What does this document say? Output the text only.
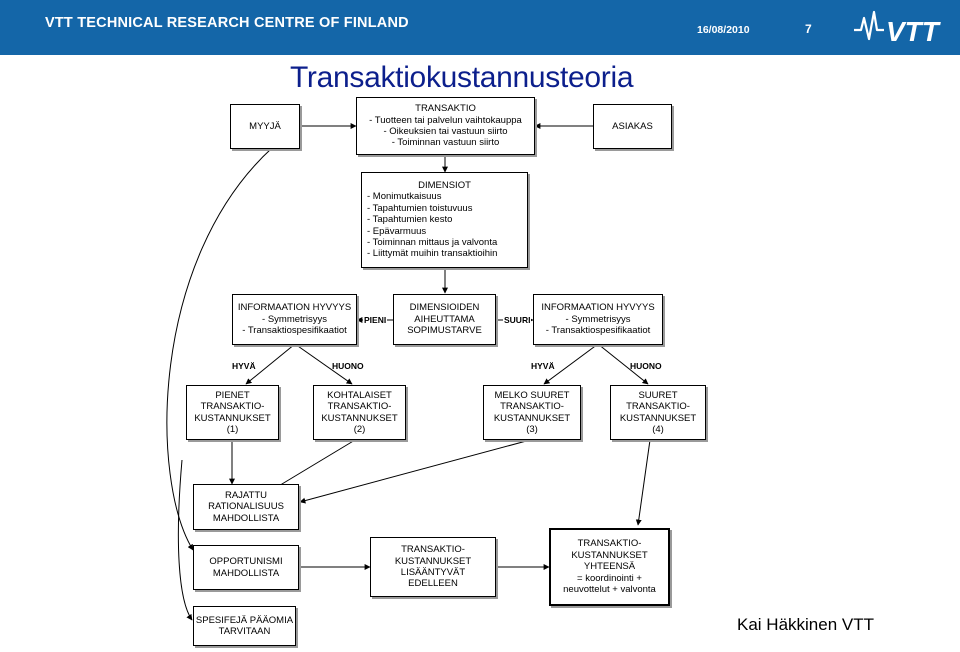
VTT TECHNICAL RESEARCH CENTRE OF FINLAND	16/08/2010	7	VTT
Transaktiokustannusteoria
MYYJÄ
TRANSAKTIO
- Tuotteen tai palvelun vaihtokauppa
- Oikeuksien tai vastuun siirto
- Toiminnan vastuun siirto
ASIAKAS
DIMENSIOT
- Monimutkaisuus
- Tapahtumien toistuvuus
- Tapahtumien kesto
- Epävarmuus
- Toiminnan mittaus ja valvonta
- Liittymät muihin transaktioihin
INFORMAATION HYVYYS
- Symmetrisyys
- Transaktiospesifikaatiot
DIMENSIOIDEN
AIHEUTTAMA
SOPIMUSTARVE
INFORMAATION HYVYYS
- Symmetrisyys
- Transaktiospesifikaatiot
PIENI	SUURI
HYVÄ	HUONO	HYVÄ	HUONO
PIENET
TRANSAKTIO-
KUSTANNUKSET
(1)
KOHTALAISET
TRANSAKTIO-
KUSTANNUKSET
(2)
MELKO SUURET
TRANSAKTIO-
KUSTANNUKSET
(3)
SUURET
TRANSAKTIO-
KUSTANNUKSET
(4)
RAJATTU
RATIONALISUUS
MAHDOLLISTA
OPPORTUNISMI
MAHDOLLISTA
TRANSAKTIO-
KUSTANNUKSET
LISÄÄNTYVÄT
EDELLEEN
TRANSAKTIO-
KUSTANNUKSET
YHTEENSÄ
= koordinointi +
neuvottelut + valvonta
SPESIFEJÄ PÄÄOMIA
TARVITAAN	Kai Häkkinen VTT
